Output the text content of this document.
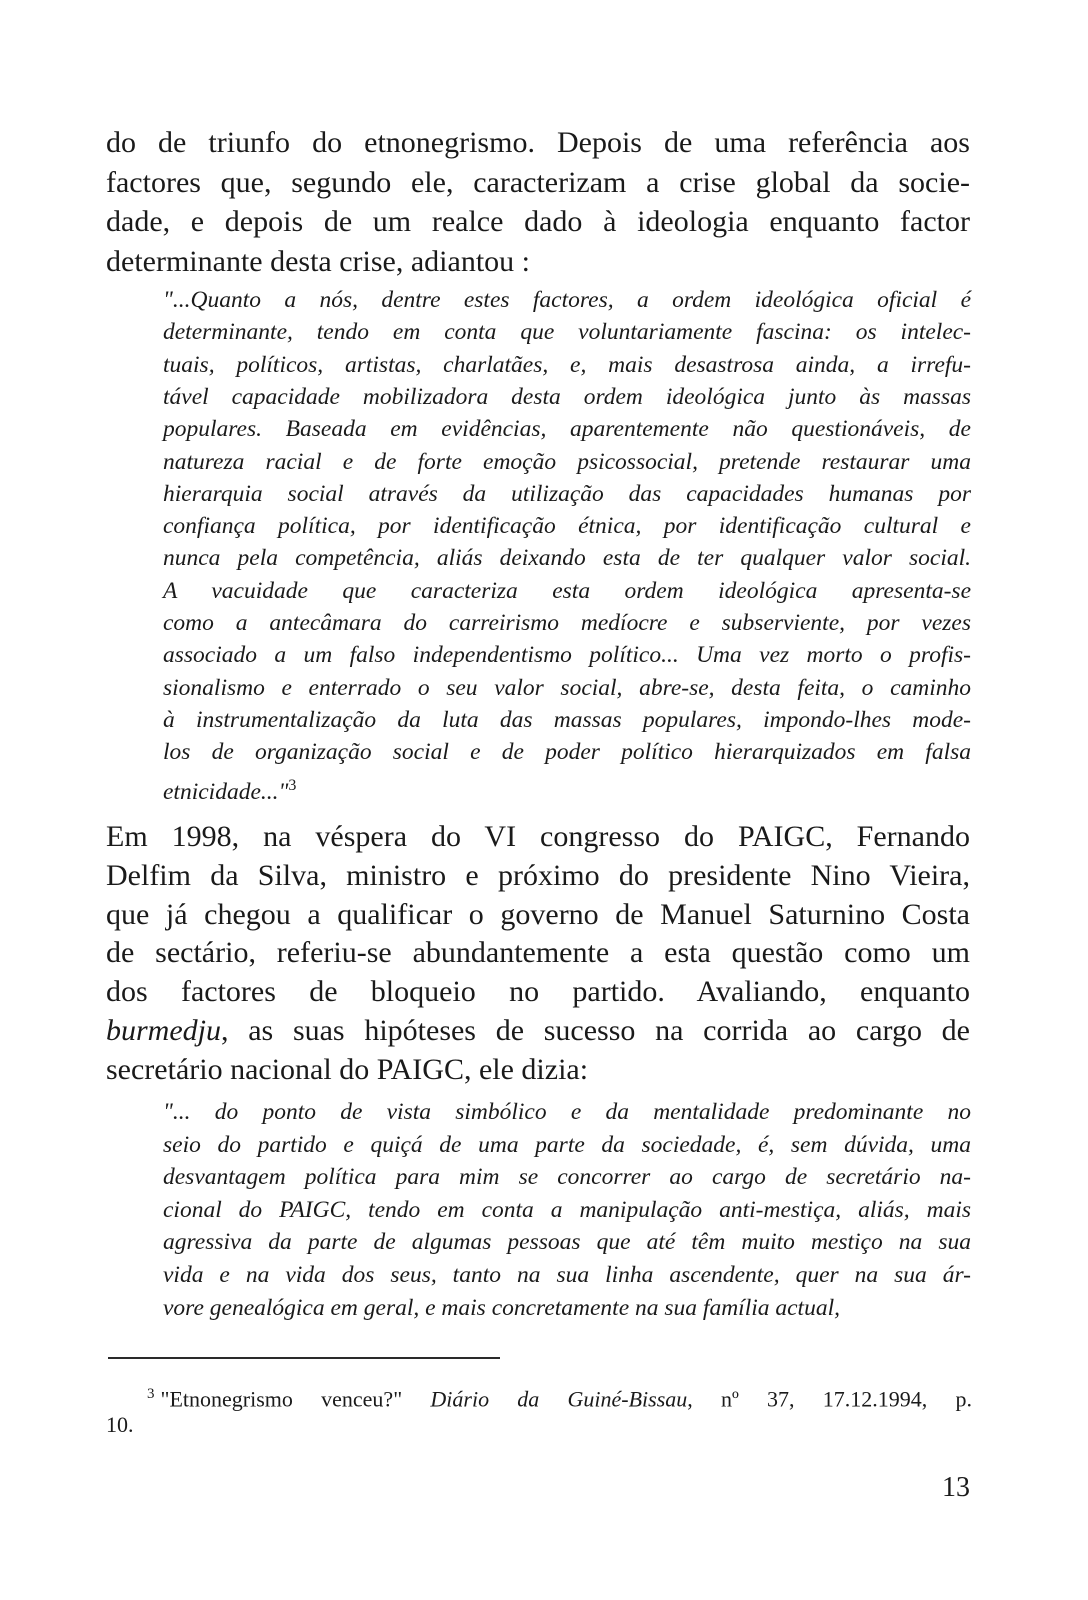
do de triunfo do etnonegrismo. Depois de uma referência aos
factores que, segundo ele, caracterizam a crise global da socie-
dade, e depois de um realce dado à ideologia enquanto factor
determinante desta crise, adiantou :
"...Quanto a nós, dentre estes factores, a ordem ideológica oficial é
determinante, tendo em conta que voluntariamente fascina: os intelec-
tuais, políticos, artistas, charlatães, e, mais desastrosa ainda, a irrefu-
tável capacidade mobilizadora desta ordem ideológica junto às massas
populares. Baseada em evidências, aparentemente não questionáveis, de
natureza racial e de forte emoção psicossocial, pretende restaurar uma
hierarquia social através da utilização das capacidades humanas por
confiança política, por identificação étnica, por identificação cultural e
nunca pela competência, aliás deixando esta de ter qualquer valor social.
A vacuidade que caracteriza esta ordem ideológica apresenta-se
como a antecâmara do carreirismo medíocre e subserviente, por vezes
associado a um falso independentismo político... Uma vez morto o profis-
sionalismo e enterrado o seu valor social, abre-se, desta feita, o caminho
à instrumentalização da luta das massas populares, impondo-lhes mode-
los de organização social e de poder político hierarquizados em falsa
etnicidade..."$^3$
Em 1998, na véspera do VI congresso do PAIGC, Fernando
Delfim da Silva, ministro e próximo do presidente Nino Vieira,
que já chegou a qualificar o governo de Manuel Saturnino Costa
de sectário, referiu-se abundantemente a esta questão como um
dos factores de bloqueio no partido. Avaliando, enquanto
burmedju, as suas hipóteses de sucesso na corrida ao cargo de
secretário nacional do PAIGC, ele dizia:
"... do ponto de vista simbólico e da mentalidade predominante no
seio do partido e quiçá de uma parte da sociedade, é, sem dúvida, uma
desvantagem política para mim se concorrer ao cargo de secretário na-
cional do PAIGC, tendo em conta a manipulação anti-mestiça, aliás, mais
agressiva da parte de algumas pessoas que até têm muito mestiço na sua
vida e na vida dos seus, tanto na sua linha ascendente, quer na sua ár-
vore genealógica em geral, e mais concretamente na sua família actual,
$^3$ "Etnonegrismo venceu?" Diário da Guiné-Bissau, nº 37, 17.12.1994, p.
10.
13
